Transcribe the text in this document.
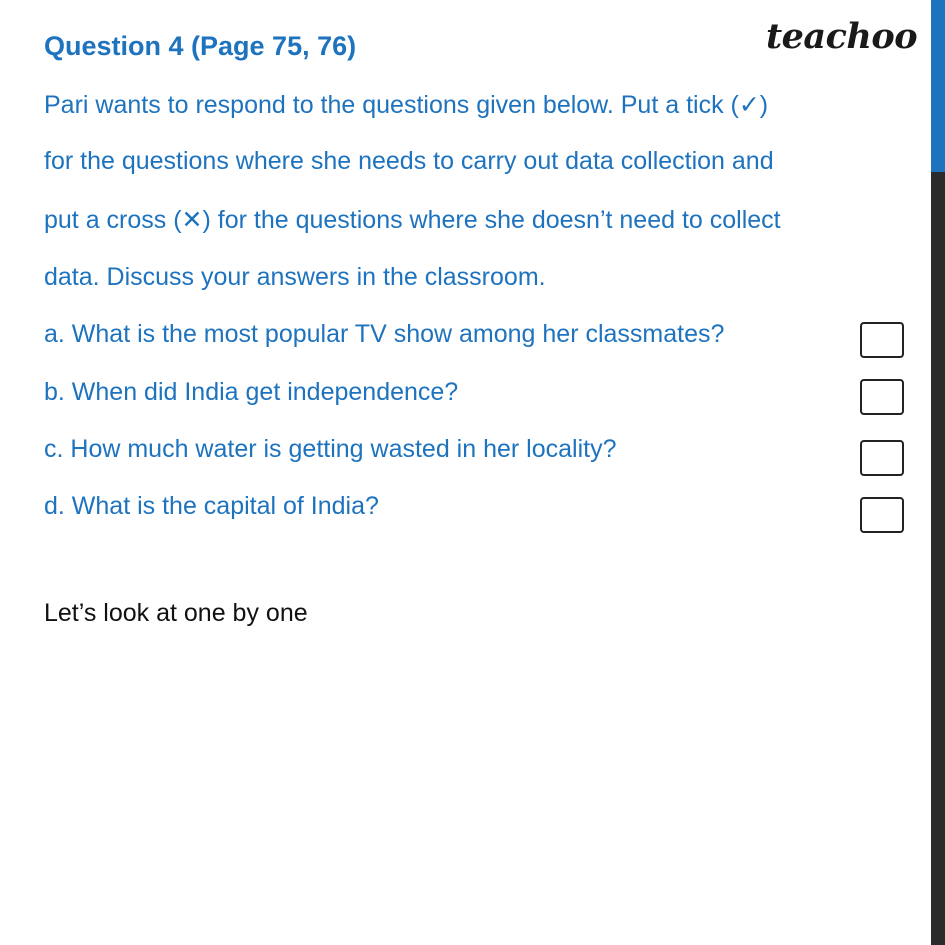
Question 4 (Page 75, 76)	teachoo
Pari wants to respond to the questions given below. Put a tick (✓)
for the questions where she needs to carry out data collection and
put a cross (✕) for the questions where she doesn’t need to collect
data. Discuss your answers in the classroom.
a. What is the most popular TV show among her classmates?
b. When did India get independence?
c. How much water is getting wasted in her locality?
d. What is the capital of India?
Let’s look at one by one
